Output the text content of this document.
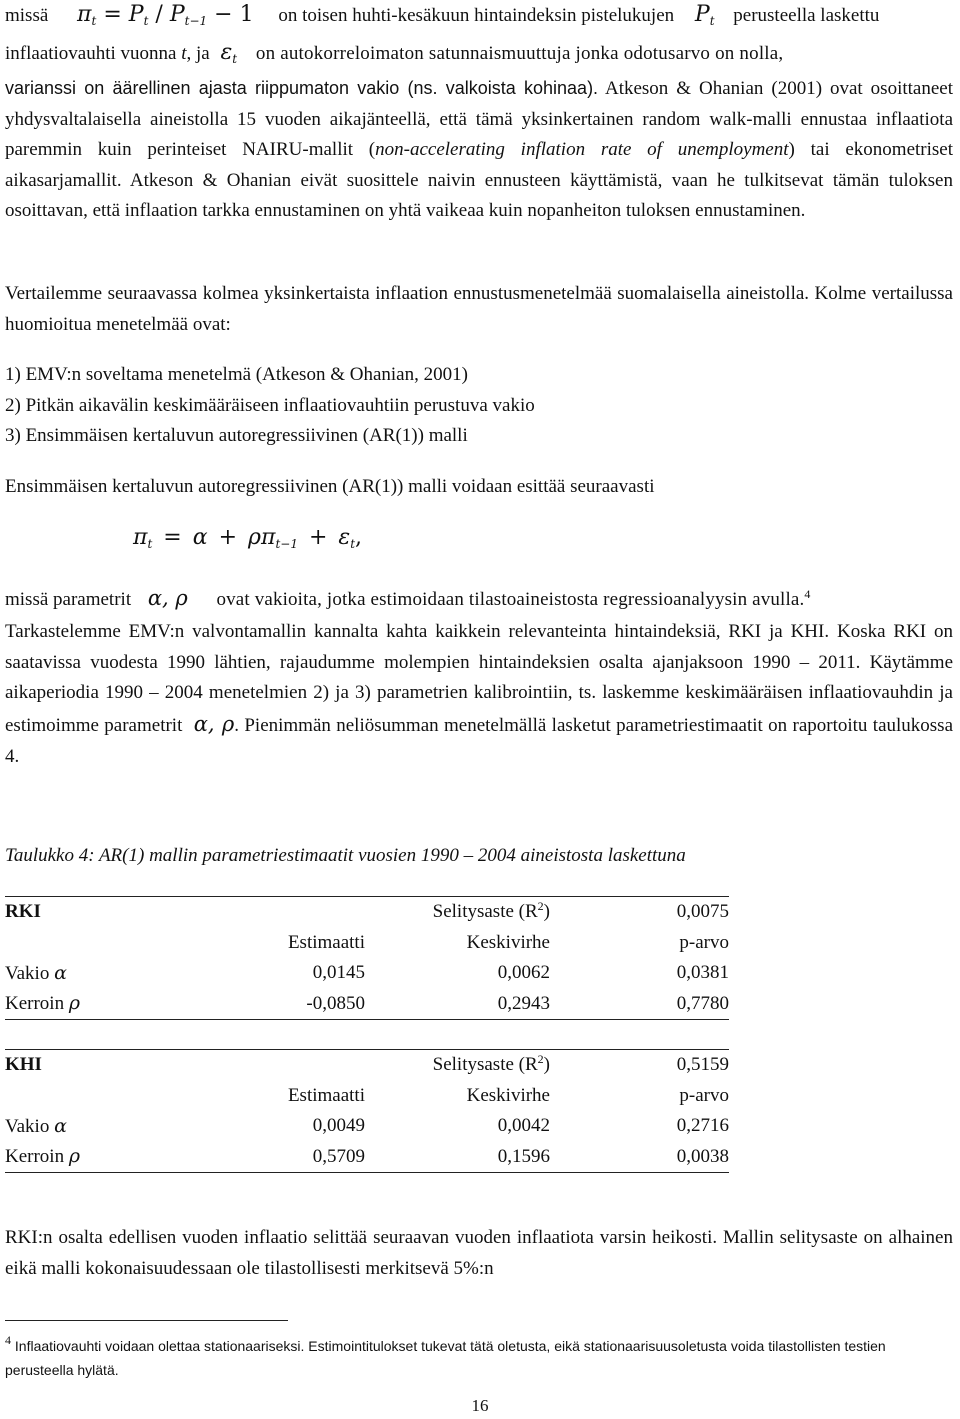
missä $\pi_t = P_t / P_{t-1} - 1$ on toisen huhti-kesäkuun hintaindeksin pistelukujen $P_t$ perusteella laskettu
inflaatiovauhti vuonna t, ja $\varepsilon_t$ on autokorreloimaton satunnaismuuttuja jonka odotusarvo on nolla,
varianssi on äärellinen ajasta riippumaton vakio (ns. valkoista kohinaa). Atkeson & Ohanian (2001) ovat osoittaneet yhdysvaltalaisella aineistolla 15 vuoden aikajänteellä, että tämä yksinkertainen random walk-malli ennustaa inflaatiota paremmin kuin perinteiset NAIRU-mallit (non-accelerating inflation rate of unemployment) tai ekonometriset aikasarjamallit. Atkeson & Ohanian eivät suosittele naivin ennusteen käyttämistä, vaan he tulkitsevat tämän tuloksen osoittavan, että inflaation tarkka ennustaminen on yhtä vaikeaa kuin nopanheiton tuloksen ennustaminen.
Vertailemme seuraavassa kolmea yksinkertaista inflaation ennustusmenetelmää suomalaisella aineistolla. Kolme vertailussa huomioitua menetelmää ovat:
1) EMV:n soveltama menetelmä (Atkeson & Ohanian, 2001)
2) Pitkän aikavälin keskimääräiseen inflaatiovauhtiin perustuva vakio
3) Ensimmäisen kertaluvun autoregressiivinen (AR(1)) malli
Ensimmäisen kertaluvun autoregressiivinen (AR(1)) malli voidaan esittää seuraavasti
$\pi_t = \alpha + \rho\pi_{t-1} + \varepsilon_t$,
missä parametrit α, ρ ovat vakioita, jotka estimoidaan tilastoaineistosta regressioanalyysin avulla.$^4$
Tarkastelemme EMV:n valvontamallin kannalta kahta kaikkein relevanteinta hintaindeksiä, RKI ja KHI. Koska RKI on saatavissa vuodesta 1990 lähtien, rajaudumme molempien hintaindeksien osalta ajanjaksoon 1990 – 2011. Käytämme aikaperiodia 1990 – 2004 menetelmien 2) ja 3) parametrien kalibrointiin, ts. laskemme keskimääräisen inflaatiovauhdin ja estimoimme parametrit α, ρ. Pienimmän neliösumman menetelmällä lasketut parametriestimaatit on raportoitu taulukossa 4.
Taulukko 4: AR(1) mallin parametriestimaatit vuosien 1990 – 2004 aineistosta laskettuna
RKI		Selitysaste $(R^2)$	0,0075
	Estimaatti	Keskivirhe	p-arvo
Vakio α	0,0145	0,0062	0,0381
Kerroin ρ	-0,0850	0,2943	0,7780
KHI		Selitysaste $(R^2)$	0,5159
	Estimaatti	Keskivirhe	p-arvo
Vakio α	0,0049	0,0042	0,2716
Kerroin ρ	0,5709	0,1596	0,0038
RKI:n osalta edellisen vuoden inflaatio selittää seuraavan vuoden inflaatiota varsin heikosti. Mallin selitysaste on alhainen eikä malli kokonaisuudessaan ole tilastollisesti merkitsevä 5%:n
$^4$ Inflaatiovauhti voidaan olettaa stationaariseksi. Estimointitulokset tukevat tätä oletusta, eikä stationaarisuusoletusta voida tilastollisten testien perusteella hylätä.
16
